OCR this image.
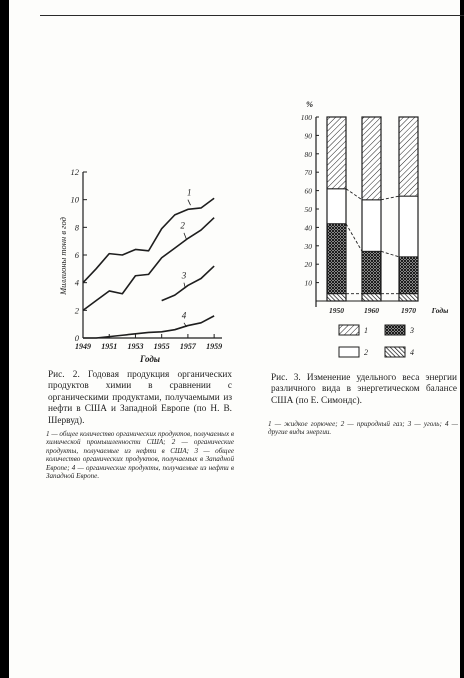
0
2
4
6
8
10
12
1949 1951 1953 1955 1957 1959
Годы
Миллионы тонн в год
1
2
3
4
Рис. 2. Годовая продукция органических продуктов химии в сравнении с органическими продуктами, получаемыми из нефти в США и Западной Европе (по Н. В. Шервуд).
1 — общее количество органических продуктов, получаемых в химической промышленности США; 2 — органические продукты, получаемые из нефти в США; 3 — общее количество органических продуктов, получаемых в Западной Европе; 4 — органические продукты, получаемые из нефти в Западной Европе.
100
90
80
70
60
50
40
30
20
10
%
1950	1960	1970 Годы
1	3
2	4
Рис. 3. Изменение удельного веса энергии различного вида в энергетическом балансе США (по Е. Симондс).
1 — жидкое горючее; 2 — природный газ; 3 — уголь; 4 — другие виды энергии.
